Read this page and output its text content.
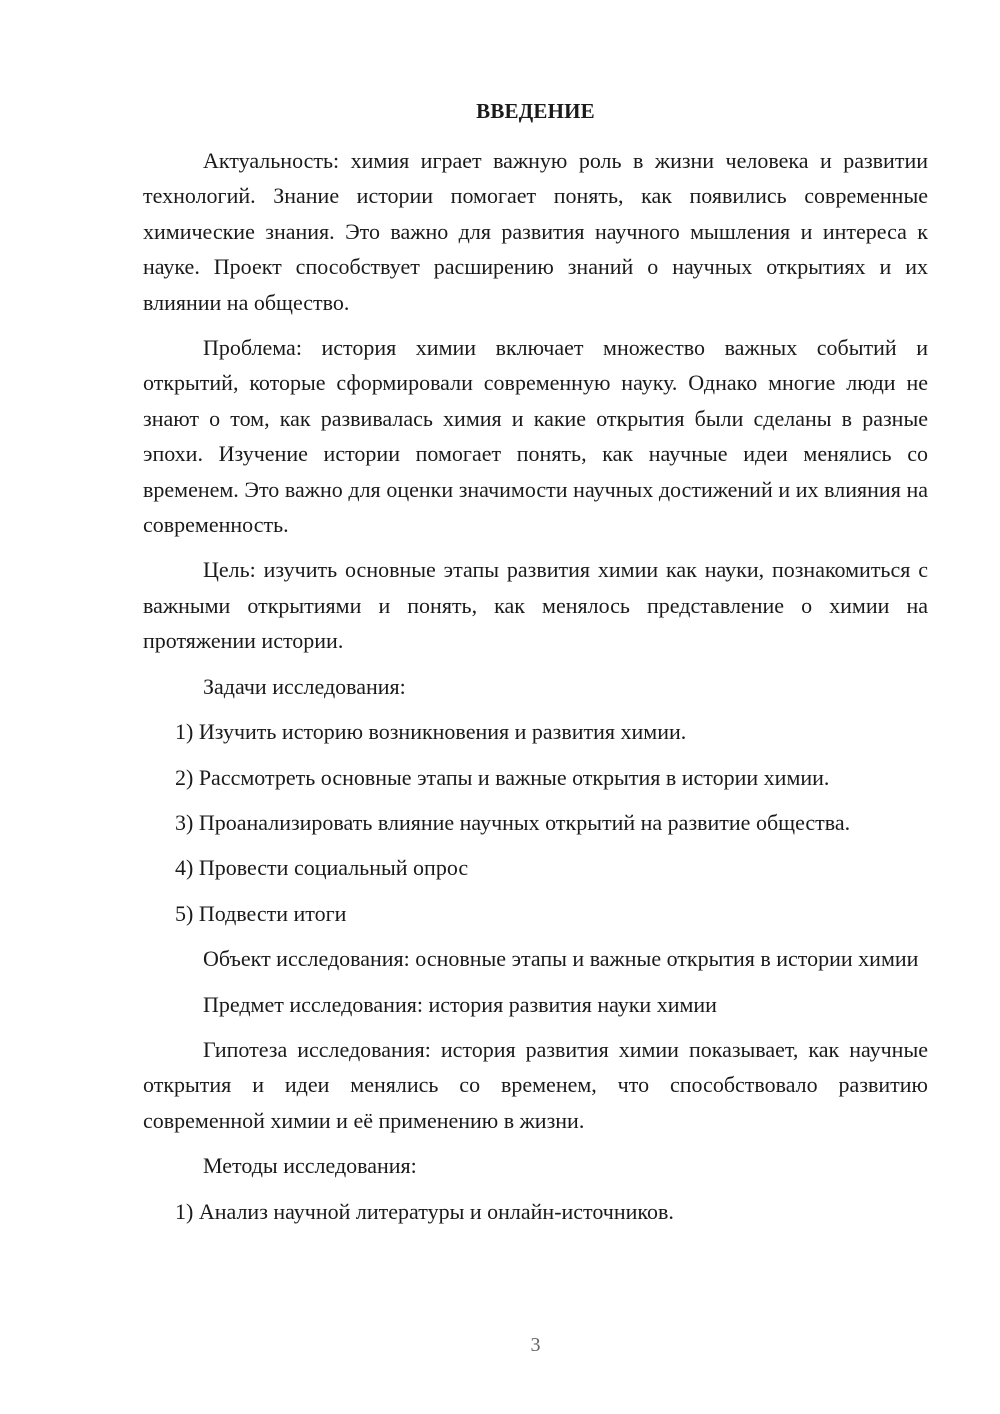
ВВЕДЕНИЕ

Актуальность: химия играет важную роль в жизни человека и развитии технологий. Знание истории помогает понять, как появились современные химические знания. Это важно для развития научного мышления и интереса к науке. Проект способствует расширению знаний о научных открытиях и их влиянии на общество.

Проблема: история химии включает множество важных событий и открытий, которые сформировали современную науку. Однако многие люди не знают о том, как развивалась химия и какие открытия были сделаны в разные эпохи. Изучение истории помогает понять, как научные идеи менялись со временем. Это важно для оценки значимости научных достижений и их влияния на современность.

Цель: изучить основные этапы развития химии как науки, познакомиться с важными открытиями и понять, как менялось представление о химии на протяжении истории.

Задачи исследования:

1) Изучить историю возникновения и развития химии.

2) Рассмотреть основные этапы и важные открытия в истории химии.

3) Проанализировать влияние научных открытий на развитие общества.

4) Провести социальный опрос

5) Подвести итоги

Объект исследования: основные этапы и важные открытия в истории химии

Предмет исследования: история развития науки химии

Гипотеза исследования: история развития химии показывает, как научные открытия и идеи менялись со временем, что способствовало развитию современной химии и её применению в жизни.

Методы исследования:

1) Анализ научной литературы и онлайн-источников.

3
